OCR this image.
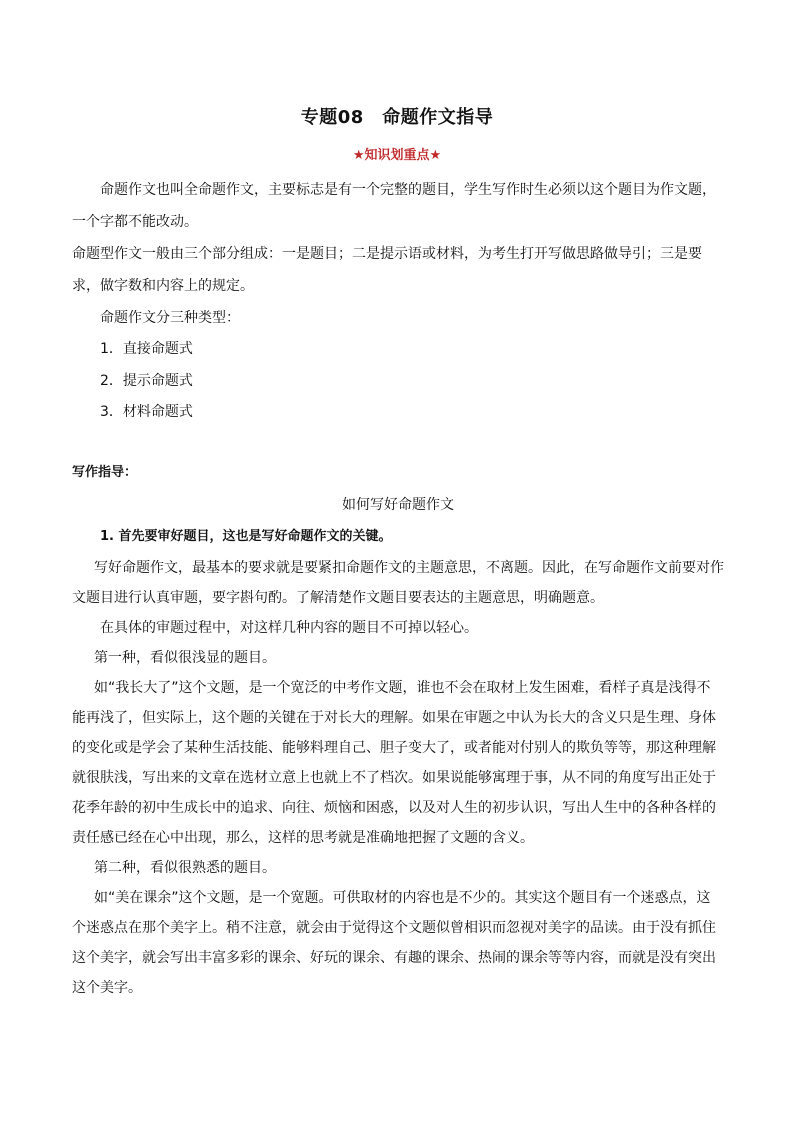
专题08　命题作文指导
★知识划重点★

命题作文也叫全命题作文，主要标志是有一个完整的题目，学生写作时生必须以这个题目为作文题，一个字都不能改动。

命题型作文一般由三个部分组成：一是题目；二是提示语或材料，为考生打开写做思路做导引；三是要求，做字数和内容上的规定。

命题作文分三种类型：

1．直接命题式

2．提示命题式

3．材料命题式

写作指导：

如何写好命题作文

1. 首先要审好题目，这也是写好命题作文的关键。

写好命题作文，最基本的要求就是要紧扣命题作文的主题意思，不离题。因此，在写命题作文前要对作文题目进行认真审题，要字斟句酌。了解清楚作文题目要表达的主题意思，明确题意。

在具体的审题过程中，对这样几种内容的题目不可掉以轻心。

第一种，看似很浅显的题目。

如“我长大了”这个文题，是一个宽泛的中考作文题，谁也不会在取材上发生困难，看样子真是浅得不能再浅了，但实际上，这个题的关键在于对长大的理解。如果在审题之中认为长大的含义只是生理、身体的变化或是学会了某种生活技能、能够料理自己、胆子变大了，或者能对付别人的欺负等等，那这种理解就很肤浅，写出来的文章在选材立意上也就上不了档次。如果说能够寓理于事，从不同的角度写出正处于花季年龄的初中生成长中的追求、向往、烦恼和困惑，以及对人生的初步认识，写出人生中的各种各样的责任感已经在心中出现，那么，这样的思考就是准确地把握了文题的含义。

第二种，看似很熟悉的题目。

如“美在课余”这个文题，是一个宽题。可供取材的内容也是不少的。其实这个题目有一个迷惑点，这个迷惑点在那个美字上。稍不注意，就会由于觉得这个文题似曾相识而忽视对美字的品读。由于没有抓住这个美字，就会写出丰富多彩的课余、好玩的课余、有趣的课余、热闹的课余等等内容，而就是没有突出这个美字。
